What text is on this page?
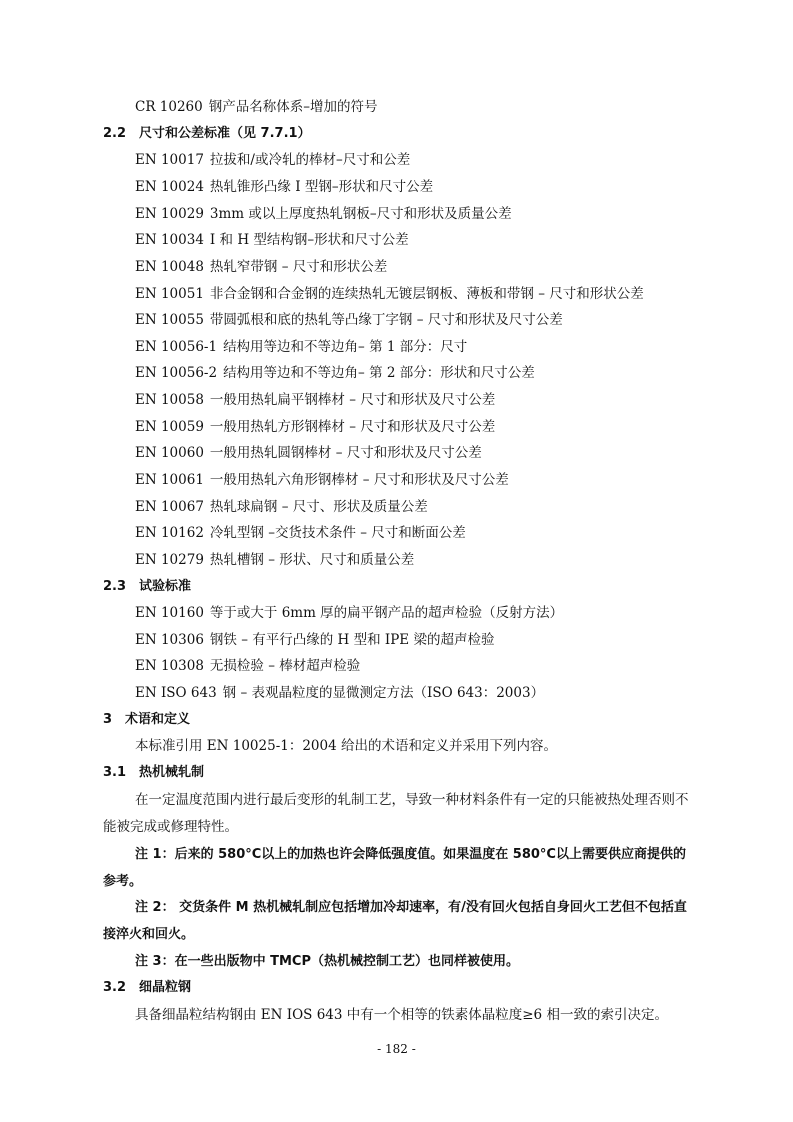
CR 10260 钢产品名称体系–增加的符号
2.2　尺寸和公差标准（见 7.7.1）
EN 10017 拉拔和/或冷轧的棒材–尺寸和公差
EN 10024 热轧锥形凸缘 I 型钢–形状和尺寸公差
EN 10029 3mm 或以上厚度热轧钢板–尺寸和形状及质量公差
EN 10034 I 和 H 型结构钢–形状和尺寸公差
EN 10048 热轧窄带钢 – 尺寸和形状公差
EN 10051 非合金钢和合金钢的连续热轧无镀层钢板、薄板和带钢 – 尺寸和形状公差
EN 10055 带圆弧根和底的热轧等凸缘丁字钢 – 尺寸和形状及尺寸公差
EN 10056-1 结构用等边和不等边角– 第 1 部分：尺寸
EN 10056-2 结构用等边和不等边角– 第 2 部分：形状和尺寸公差
EN 10058 一般用热轧扁平钢棒材 – 尺寸和形状及尺寸公差
EN 10059 一般用热轧方形钢棒材 – 尺寸和形状及尺寸公差
EN 10060 一般用热轧圆钢棒材 – 尺寸和形状及尺寸公差
EN 10061 一般用热轧六角形钢棒材 – 尺寸和形状及尺寸公差
EN 10067 热轧球扁钢 – 尺寸、形状及质量公差
EN 10162 冷轧型钢 –交货技术条件 – 尺寸和断面公差
EN 10279 热轧槽钢 – 形状、尺寸和质量公差
2.3　试验标准
EN 10160 等于或大于 6mm 厚的扁平钢产品的超声检验（反射方法）
EN 10306 钢铁 – 有平行凸缘的 H 型和 IPE 梁的超声检验
EN 10308 无损检验 – 棒材超声检验
EN ISO 643 钢 – 表观晶粒度的显微测定方法（ISO 643：2003）
3　术语和定义
本标准引用 EN 10025-1：2004 给出的术语和定义并采用下列内容。
3.1　热机械轧制
在一定温度范围内进行最后变形的轧制工艺，导致一种材料条件有一定的只能被热处理否则不能被完成或修理特性。
注 1：后来的 580°C以上的加热也许会降低强度值。如果温度在 580°C以上需要供应商提供的参考。
注 2： 交货条件 M 热机械轧制应包括增加冷却速率，有/没有回火包括自身回火工艺但不包括直接淬火和回火。
注 3：在一些出版物中 TMCP（热机械控制工艺）也同样被使用。
3.2　细晶粒钢
具备细晶粒结构钢由 EN IOS 643 中有一个相等的铁素体晶粒度≥6 相一致的索引决定。
- 182 -
